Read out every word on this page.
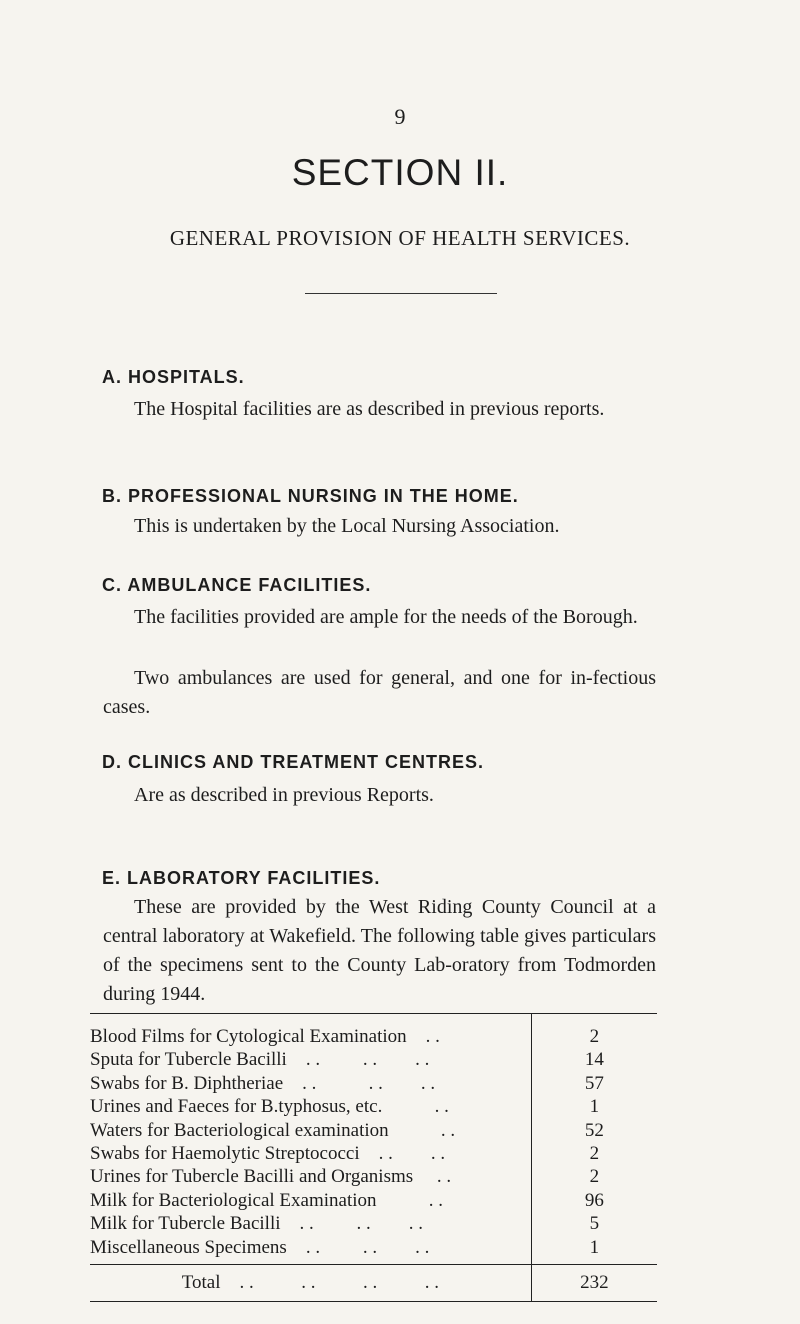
9
SECTION II.
GENERAL PROVISION OF HEALTH SERVICES.
A. HOSPITALS.
The Hospital facilities are as described in previous reports.
B. PROFESSIONAL NURSING IN THE HOME.
This is undertaken by the Local Nursing Association.
C. AMBULANCE FACILITIES.
The facilities provided are ample for the needs of the Borough.
Two ambulances are used for general, and one for in-fectious cases.
D. CLINICS AND TREATMENT CENTRES.
Are as described in previous Reports.
E. LABORATORY FACILITIES.
These are provided by the West Riding County Council at a central laboratory at Wakefield. The following table gives particulars of the specimens sent to the County Lab-oratory from Todmorden during 1944.
Blood Films for Cytological Examination    . .	2
Sputa for Tubercle Bacilli    . .         . .        . .	14
Swabs for B. Diphtheriae    . .           . .        . .	57
Urines and Faeces for B.typhosus, etc.           . .	1
Waters for Bacteriological examination           . .	52
Swabs for Haemolytic Streptococci    . .        . .	2
Urines for Tubercle Bacilli and Organisms     . .	2
Milk for Bacteriological Examination           . .	96
Milk for Tubercle Bacilli    . .         . .        . .	5
Miscellaneous Specimens    . .         . .        . .	1
Total    . .          . .          . .          . .	232
